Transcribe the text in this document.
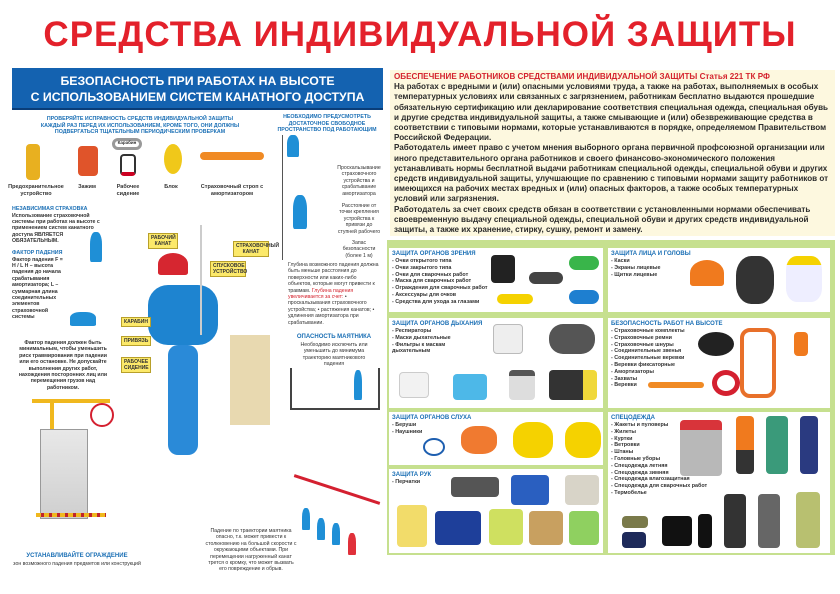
СРЕДСТВА ИНДИВИДУАЛЬНОЙ ЗАЩИТЫ
БЕЗОПАСНОСТЬ ПРИ РАБОТАХ НА ВЫСОТЕ
С ИСПОЛЬЗОВАНИЕМ СИСТЕМ КАНАТНОГО ДОСТУПА
ПРОВЕРЯЙТЕ ИСПРАВНОСТЬ СРЕДСТВ ИНДИВИДУАЛЬНОЙ ЗАЩИТЫ КАЖДЫЙ РАЗ ПЕРЕД ИХ ИСПОЛЬЗОВАНИЕМ, КРОМЕ ТОГО, ОНИ ДОЛЖНЫ ПОДВЕРГАТЬСЯ ТЩАТЕЛЬНЫМ ПЕРИОДИЧЕСКИМ ПРОВЕРКАМ
Предохранительное устройство
Зажим
Карабин
Рабочее сидение
Блок	Страховочный строп с амортизатором
НЕЗАВИСИМАЯ СТРАХОВКА
Использование страховочной системы при работах на высоте с применением систем канатного доступа ЯВЛЯЕТСЯ ОБЯЗАТЕЛЬНЫМ.
ФАКТОР ПАДЕНИЯ
Фактор падения F = H / L H – высота падения до начала срабатывания амортизатора; L – суммарная длина соединительных элементов страховочной системы
Фактор падения должен быть минимальным, чтобы уменьшить риск травмирования при падении или его остановке. Не допускайте выполнения других работ, нахождения посторонних лиц или перемещения грузов над работником.
УСТАНАВЛИВАЙТЕ ОГРАЖДЕНИЕ
зон возможного падения предметов или конструкций
РАБОЧИЙ КАНАТ	СТРАХОВОЧНЫЙ КАНАТ
СПУСКОВОЕ УСТРОЙСТВО
КАРАБИН
ПРИВЯЗЬ
РАБОЧЕЕ СИДЕНИЕ
НЕОБХОДИМО ПРЕДУСМОТРЕТЬ ДОСТАТОЧНОЕ СВОБОДНОЕ ПРОСТРАНСТВО ПОД РАБОТАЮЩИМ
Проскальзывание страховочного устройства и срабатывание амортизатора
Расстояние от точки крепления устройства к привязи до ступней рабочего
Запас безопасности (более 1 м)
Глубина возможного падения должна быть меньше расстояния до поверхности или каких-либо объектов, которые могут привести к травмам. Глубина падения увеличивается за счет: • проскальзывания страховочного устройства; • растяжения канатов; • удлинения амортизатора при срабатывании.
ОПАСНОСТЬ МАЯТНИКА
Необходимо исключить или уменьшить до минимума траекторию маятникового падения
Падение по траектории маятника опасно, т.к. может привести к столкновению на большой скорости с окружающими объектами. При перемещении нагруженный канат трется о кромку, что может вызвать его повреждение и обрыв.
ОБЕСПЕЧЕНИЕ РАБОТНИКОВ СРЕДСТВАМИ ИНДИВИДУАЛЬНОЙ ЗАЩИТЫ Статья 221 ТК РФ
На работах с вредными и (или) опасными условиями труда, а также на работах, выполняемых в особых температурных условиях или связанных с загрязнением, работникам бесплатно выдаются прошедшие обязательную сертификацию или декларирование соответствия специальная одежда, специальная обувь и другие средства индивидуальной защиты, а также смывающие и (или) обезвреживающие средства в соответствии с типовыми нормами, которые устанавливаются в порядке, определяемом Правительством Российской Федерации.
Работодатель имеет право с учетом мнения выборного органа первичной профсоюзной организации или иного представительного органа работников и своего финансово-экономического положения устанавливать нормы бесплатной выдачи работникам специальной одежды, специальной обуви и других средств индивидуальной защиты, улучшающие по сравнению с типовыми нормами защиту работников от имеющихся на рабочих местах вредных и (или) опасных факторов, а также особых температурных условий или загрязнения.
Работодатель за счет своих средств обязан в соответствии с установленными нормами обеспечивать своевременную выдачу специальной одежды, специальной обуви и других средств индивидуальной защиты, а также их хранение, стирку, сушку, ремонт и замену.
ЗАЩИТА ОРГАНОВ ЗРЕНИЯ
- Очки открытого типа
- Очки закрытого типа
- Очки для сварочных работ
- Маска для сварочных работ
- Ограждения для сварочных работ
- Аксессуары для очков
- Средства для ухода за глазами
ЗАЩИТА ЛИЦА И ГОЛОВЫ
- Каски
- Экраны лицевые
- Щитки лицевые
ЗАЩИТА ОРГАНОВ ДЫХАНИЯ
- Респираторы
- Маски дыхательные
- Фильтры к маскам
дыхательным
БЕЗОПАСНОСТЬ РАБОТ НА ВЫСОТЕ
- Страховочные комплекты
- Страховочные ремни
- Страховочные шнуры
- Соединительные звенья
- Соединительные веревки
- Веревки фиксаторные
- Амортизаторы
- Захваты
- Веревки
ЗАЩИТА ОРГАНОВ СЛУХА
- Беруши
- Наушники
ЗАЩИТА РУК
- Перчатки
СПЕЦОДЕЖДА
- Жакеты и пуловеры
- Жилеты
- Куртки
- Ветровки
- Штаны
- Головные уборы
- Спецодежда летняя
- Спецодежда зимняя
- Спецодежда влагозащитная
- Спецодежда для сварочных работ
- Термобелье
